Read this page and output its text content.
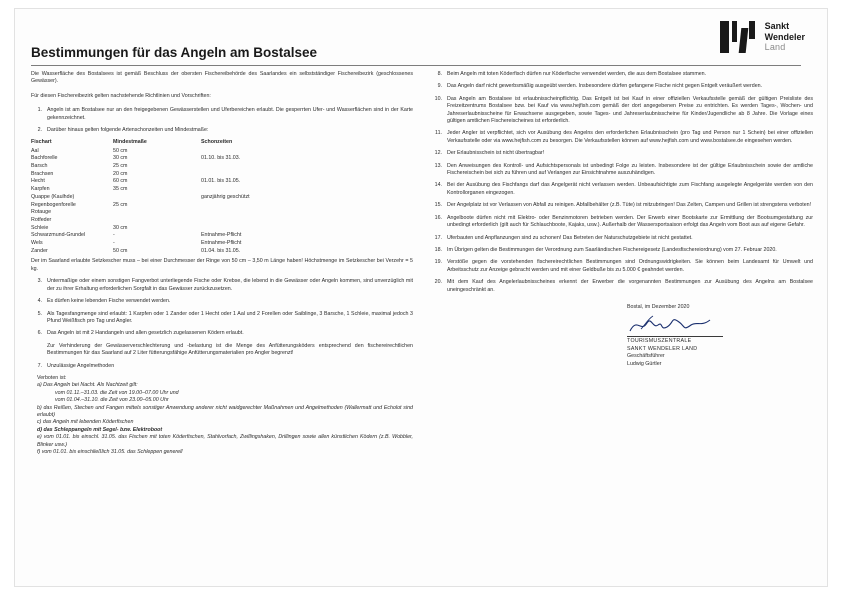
Sankt
Wendeler
Land
Bestimmungen für das Angeln am Bostalsee
Die Wasserfläche des Bostalsees ist gemäß Beschluss der obersten Fischereibehörde des Saarlandes ein selbstständiger Fischereibezirk (geschlossenes Gewässer).
Für diesen Fischereibezirk gelten nachstehende Richtlinien und Vorschriften:
1. Angeln ist am Bostalsee nur an den freigegebenen Gewässerstellen und Uferbereichen erlaubt. Die gesperrten Ufer- und Wasserflächen sind in der Karte gekennzeichnet.
2. Darüber hinaus gelten folgende Artenschonzeiten und Mindestmaße:
Fischart	Mindestmaße	Schonzeiten
Aal	50 cm	
Bachforelle	30 cm	01.10. bis 31.03.
Barsch	25 cm	
Brachsen	20 cm	
Hecht	60 cm	01.01. bis 31.05.
Karpfen	35 cm	
Quappe (Kaulhde)		ganzjährig geschützt
Regenbogenforelle	25 cm	
Rotauge		
Rotfeder		
Schleie	30 cm	
Schwarzmund-Grundel	-	Entnahme-Pflicht
Wels	-	Entnahme-Pflicht
Zander	50 cm	01.04. bis 31.05.
Der im Saarland erlaubte Setzkescher muss – bei einer Durchmesser der Ringe von 50 cm – 3,50 m Länge haben! Höchstmenge im Setzkescher bei Verzehr = 5 kg.
3. Untermaßige oder einem sonstigen Fangverbot unterliegende Fische oder Krebse, die lebend in die Gewässer oder Angeln kommen, sind unverzüglich mit der zu ihrer Erhaltung erforderlichen Sorgfalt in das Gewässer zurückzusetzen.
4. Es dürfen keine lebenden Fische verwendet werden.
5. Als Tagesfangmenge sind erlaubt: 1 Karpfen oder 1 Zander oder 1 Hecht oder 1 Aal und 2 Forellen oder Saiblinge, 3 Barsche, 1 Schleie, maximal jedoch 3 Pfund Weißfisch pro Tag und Angler.
6. Das Angeln ist mit 2 Handangeln und allen gesetzlich zugelassenen Ködern erlaubt.
Zur Verhinderung der Gewässerverschlechterung und -belastung ist die Menge des Anfütterungsköders entsprechend den fischereirechtlichen Bestimmungen für das Saarland auf 2 Liter fütterungsfähige Anfütterungsmaterialien pro Angler begrenzt!
7. Unzulässige Angelmethoden
Verboten ist:
a) Das Angeln bei Nacht. Als Nachtzeit gilt:
vom 01.11.–31.03. die Zeit von 19.00–07.00 Uhr und
vom 01.04.–31.10. die Zeit von 23.00–05.00 Uhr
b) das Reißen, Stechen und Fangen mittels sonstiger Anwendung anderer nicht waidgerechter Maßnahmen und Angelmethoden (Wallermatt und Echolot sind erlaubt)
c) das Angeln mit lebenden Köderfischen
d) das Schleppangeln mit Segel- bzw. Elektroboot
e) vom 01.01. bis einschl. 31.05. das Fischen mit toten Köderfischen, Stahlvorfach, Zwillingshaken, Drillingen sowie allen künstlichen Ködern (z.B. Wobbler, Blinker usw.)
f) vom 01.01. bis einschließlich 31.05. das Schleppen generell
8. Beim Angeln mit toten Köderfisch dürfen nur Köderfische verwendet werden, die aus dem Bostalsee stammen.
9. Das Angeln darf nicht gewerbsmäßig ausgeübt werden. Insbesondere dürfen gefangene Fische nicht gegen Entgelt veräußert werden.
10. Das Angeln am Bostalsee ist erlaubnisscheinpflichtig. Das Entgelt ist bei Kauf in einer offiziellen Verkaufsstelle gemäß der gültigen Preisliste des Freizeitzentrums Bostalsee bzw. bei Kauf via www.hejfish.com gemäß der dort angegebenen Preise zu entrichten. Es werden Tages-, Wochen- und Jahreserlaubnisscheine für Erwachsene ausgegeben, sowie Tages- und Jahreserlaubnisscheine für Kinder/Jugendliche ab 8 Jahre. Die Vorlage eines gültigen amtlichen Fischereischeines ist erforderlich.
11. Jeder Angler ist verpflichtet, sich vor Ausübung des Angelns den erforderlichen Erlaubnisschein (pro Tag und Person nur 1 Schein) bei einer offiziellen Verkaufsstelle oder via www.hejfish.com zu besorgen. Die Verkaufsstellen können auf www.hejfish.com und www.bostalsee.de eingesehen werden.
12. Der Erlaubnisschein ist nicht übertragbar!
13. Den Anweisungen des Kontroll- und Aufsichtspersonals ist unbedingt Folge zu leisten. Insbesondere ist der gültige Erlaubnisschein sowie der amtliche Fischereischein bei sich zu führen und auf Verlangen zur Einsichtnahme auszuhändigen.
14. Bei der Ausübung des Fischfangs darf das Angelgerät nicht verlassen werden. Unbeaufsichtigte zum Fischfang ausgelegte Angelgeräte werden von den Kontrollorganen eingezogen.
15. Der Angelplatz ist vor Verlassen von Abfall zu reinigen. Abfallbehälter (z.B. Tüte) ist mitzubringen! Das Zelten, Campen und Grillen ist strengstens verboten!
16. Angelboote dürfen nicht mit Elektro- oder Benzinmotoren betrieben werden. Der Erwerb einer Bootskarte zur Ermittlung der Bootsumgestattung zur unbedingt erforderlich (gilt auch für Schlauchboote, Kajaks, usw.). Außerhalb der Wassersportsaison erfolgt das Angeln vom Boot aus auf eigene Gefahr.
17. Uferbauten und Anpflanzungen sind zu schonen! Das Betreten der Naturschutzgebiete ist nicht gestattet.
18. Im Übrigen gelten die Bestimmungen der Verordnung zum Saarländischen Fischereigesetz (Landesfischereiordnung) vom 27. Februar 2020.
19. Verstöße gegen die vorstehenden fischereirechtlichen Bestimmungen sind Ordnungswidrigkeiten. Sie können beim Landesamt für Umwelt und Arbeitsschutz zur Anzeige gebracht werden und mit einer Geldbuße bis zu 5.000 € geahndet werden.
20. Mit dem Kauf des Angelerlaubnisscheines erkennt der Erwerber die vorgenannten Bestimmungen zur Ausübung des Angelns am Bostalsee uneingeschränkt an.
Bostal, im Dezember 2020
TOURISMUSZENTRALE
SANKT WENDELER LAND
Geschäftsführer
Ludwig Gürtler
